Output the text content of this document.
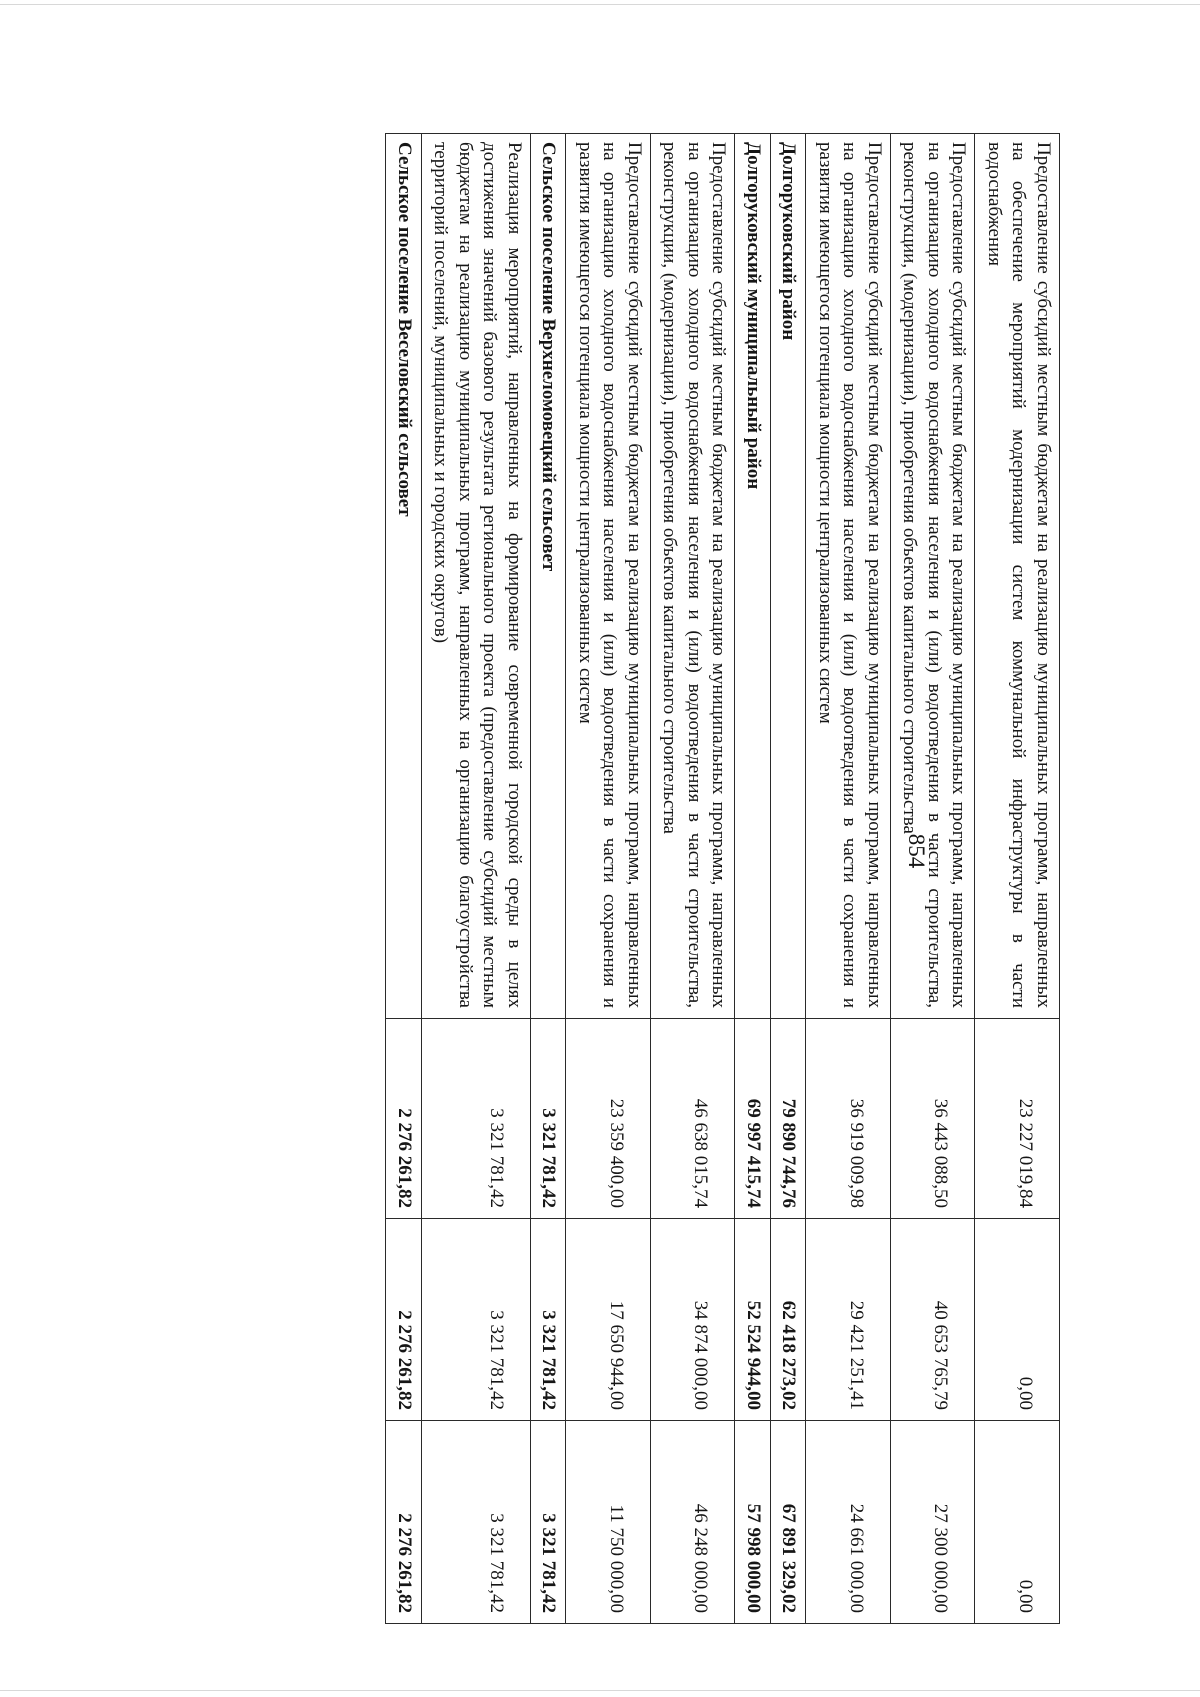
854	Предоставление субсидий местным бюджетам на реализацию муниципальных программ, направленных на обеспечение мероприятий модернизации систем коммунальной инфраструктуры в части водоснабжения	23 227 019,84	0,00	0,00
Предоставление субсидий местным бюджетам на реализацию муниципальных программ, направленных на организацию холодного водоснабжения населения и (или) водоотведения в части строительства, реконструкции, (модернизации), приобретения объектов капитального строительства	36 443 088,50	40 653 765,79	27 300 000,00
Предоставление субсидий местным бюджетам на реализацию муниципальных программ, направленных на организацию холодного водоснабжения населения и (или) водоотведения в части сохранения и развития имеющегося потенциала мощности централизованных систем	36 919 009,98	29 421 251,41	24 661 000,00
Долгоруковский район	79 890 744,76	62 418 273,02	67 891 329,02
Долгоруковский муниципальный район	69 997 415,74	52 524 944,00	57 998 000,00
Предоставление субсидий местным бюджетам на реализацию муниципальных программ, направленных на организацию холодного водоснабжения населения и (или) водоотведения в части строительства, реконструкции, (модернизации), приобретения объектов капитального строительства	46 638 015,74	34 874 000,00	46 248 000,00
Предоставление субсидий местным бюджетам на реализацию муниципальных программ, направленных на организацию холодного водоснабжения населения и (или) водоотведения в части сохранения и развития имеющегося потенциала мощности централизованных систем	23 359 400,00	17 650 944,00	11 750 000,00
Сельское поселение Верхнеломовецкий сельсовет	3 321 781,42	3 321 781,42	3 321 781,42
Реализация мероприятий, направленных на формирование современной городской среды в целях достижения значений базового результата регионального проекта (предоставление субсидий местным бюджетам на реализацию муниципальных программ, направленных на организацию благоустройства территорий поселений, муниципальных и городских округов)	3 321 781,42	3 321 781,42	3 321 781,42
Сельское поселение Веселовский сельсовет	2 276 261,82	2 276 261,82	2 276 261,82
